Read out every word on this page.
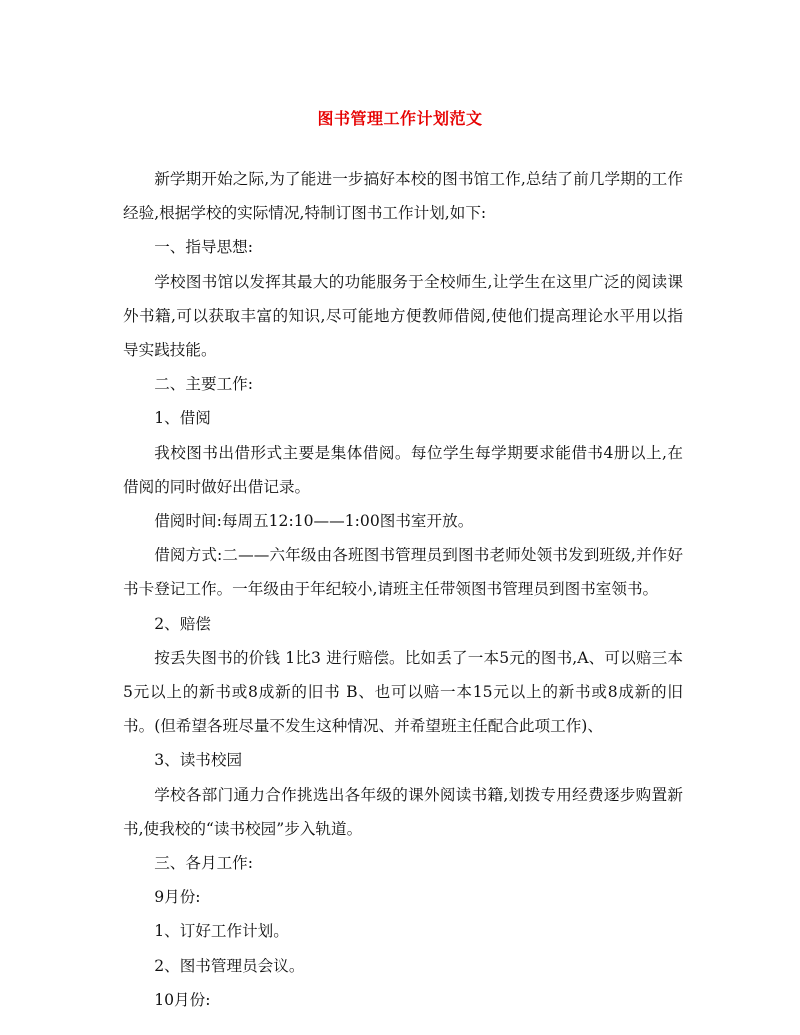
图书管理工作计划范文

新学期开始之际,为了能进一步搞好本校的图书馆工作,总结了前几学期的工作经验,根据学校的实际情况,特制订图书工作计划,如下:

一、指导思想:

学校图书馆以发挥其最大的功能服务于全校师生,让学生在这里广泛的阅读课外书籍,可以获取丰富的知识,尽可能地方便教师借阅,使他们提高理论水平用以指导实践技能。

二、主要工作:

1、借阅

我校图书出借形式主要是集体借阅。每位学生每学期要求能借书4册以上,在借阅的同时做好出借记录。

借阅时间:每周五12:10——1:00图书室开放。

借阅方式:二——六年级由各班图书管理员到图书老师处领书发到班级,并作好书卡登记工作。一年级由于年纪较小,请班主任带领图书管理员到图书室领书。

2、赔偿

按丢失图书的价钱 1比3 进行赔偿。比如丢了一本5元的图书,A、可以赔三本5元以上的新书或8成新的旧书 B、也可以赔一本15元以上的新书或8成新的旧书。(但希望各班尽量不发生这种情况、并希望班主任配合此项工作)、

3、读书校园

学校各部门通力合作挑选出各年级的课外阅读书籍,划拨专用经费逐步购置新书,使我校的“读书校园”步入轨道。

三、各月工作:

9月份:

1、订好工作计划。

2、图书管理员会议。

10月份:
